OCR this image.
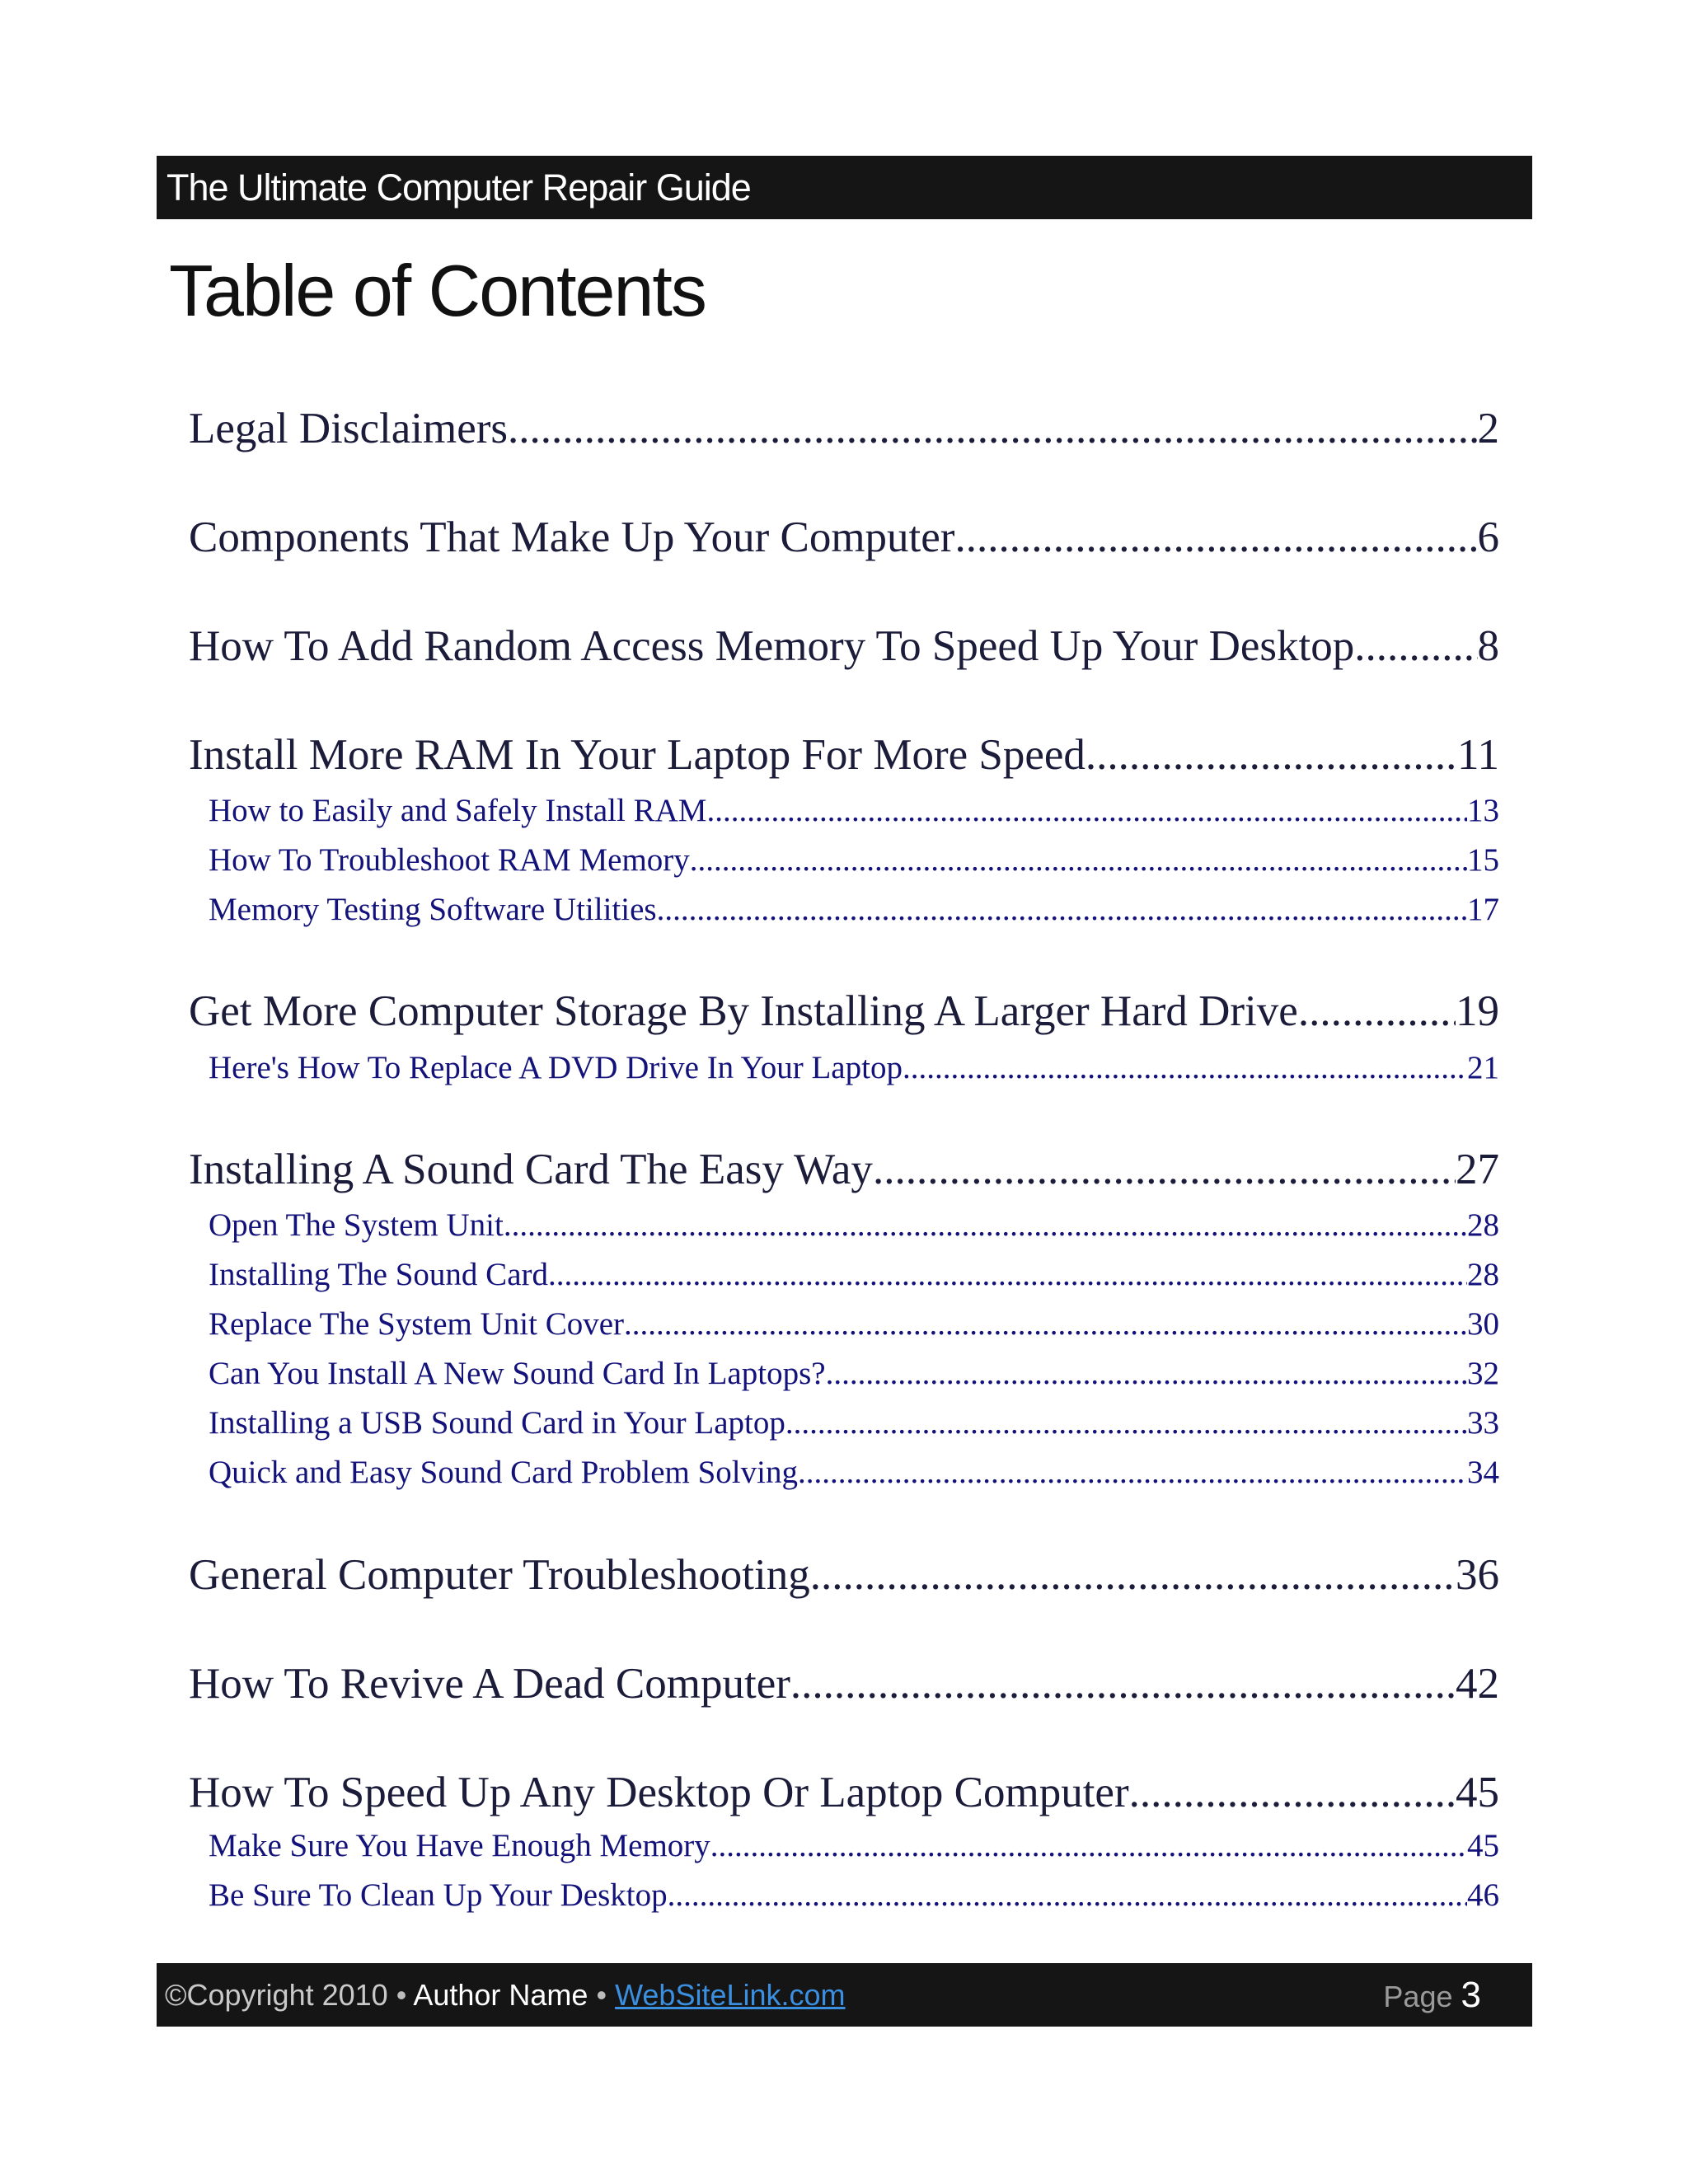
The Ultimate Computer Repair Guide
Table of Contents
Legal Disclaimers .....	2
Components That Make Up Your Computer .....	6
How To Add Random Access Memory To Speed Up Your Desktop .....	8
Install More RAM In Your Laptop For More Speed .....	11
How to Easily and Safely Install RAM .....	13
How To Troubleshoot RAM Memory .....	15
Memory Testing Software Utilities .....	17
Get More Computer Storage By Installing A Larger Hard Drive .....	19
Here's How To Replace A DVD Drive In Your Laptop .....	21
Installing A Sound Card The Easy Way .....	27
Open The System Unit .....	28
Installing The Sound Card .....	28
Replace The System Unit Cover .....	30
Can You Install A New Sound Card In Laptops? .....	32
Installing a USB Sound Card in Your Laptop .....	33
Quick and Easy Sound Card Problem Solving .....	34
General Computer Troubleshooting .....	36
How To Revive A Dead Computer .....	42
How To Speed Up Any Desktop Or Laptop Computer .....	45
Make Sure You Have Enough Memory .....	45
Be Sure To Clean Up Your Desktop .....	46
©Copyright 2010 • Author Name • WebSiteLink.com	Page 3
